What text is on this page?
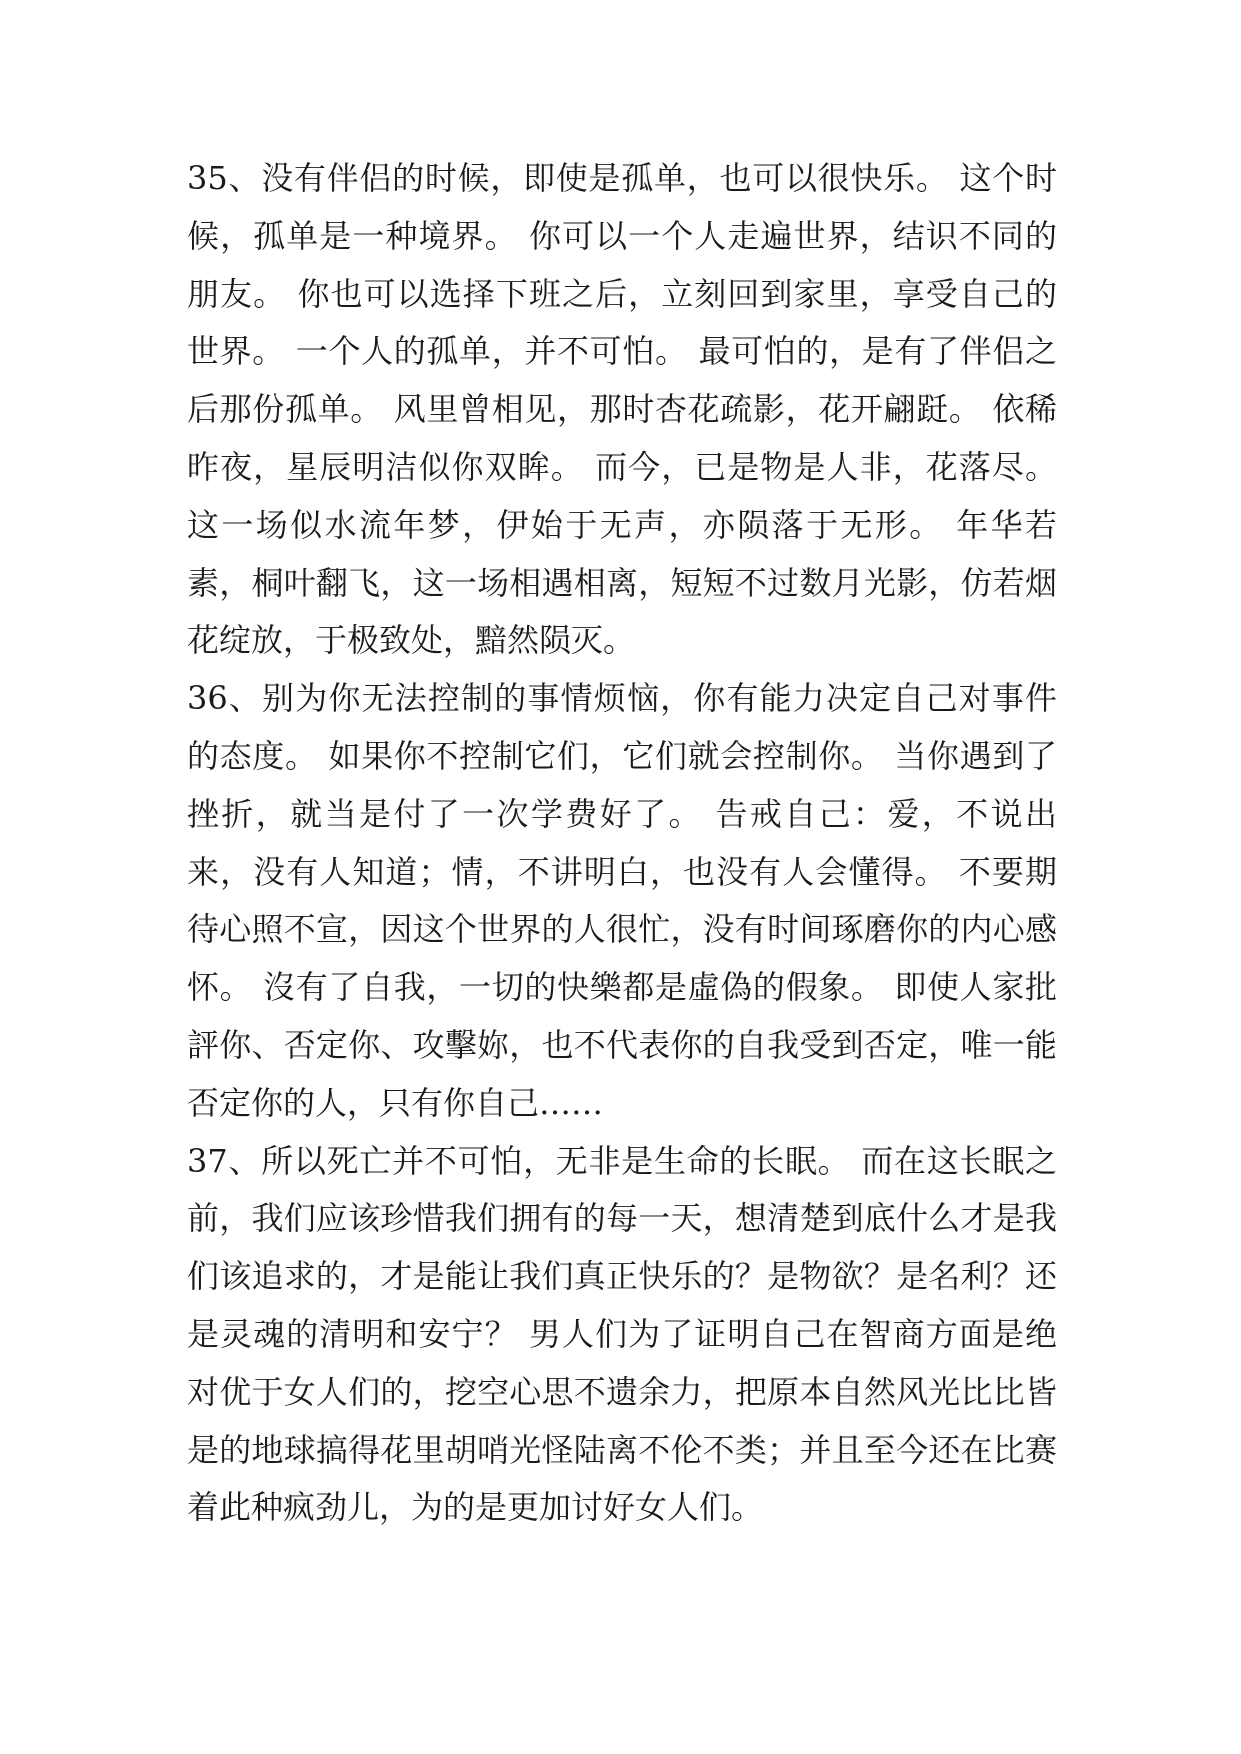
35、没有伴侣的时候，即使是孤单，也可以很快乐。 这个时候，孤单是一种境界。 你可以一个人走遍世界，结识不同的朋友。 你也可以选择下班之后，立刻回到家里，享受自己的世界。 一个人的孤单，并不可怕。 最可怕的，是有了伴侣之后那份孤单。 风里曾相见，那时杏花疏影，花开翩跹。 依稀昨夜，星辰明洁似你双眸。 而今，已是物是人非，花落尽。 这一场似水流年梦，伊始于无声，亦陨落于无形。 年华若素，桐叶翻飞，这一场相遇相离，短短不过数月光影，仿若烟花绽放，于极致处，黯然陨灭。

36、别为你无法控制的事情烦恼，你有能力决定自己对事件的态度。 如果你不控制它们，它们就会控制你。 当你遇到了挫折，就当是付了一次学费好了。 告戒自己：爱，不说出来，没有人知道；情，不讲明白，也没有人会懂得。 不要期待心照不宣，因这个世界的人很忙，没有时间琢磨你的内心感怀。 沒有了自我，一切的快樂都是虛偽的假象。 即使人家批評你、否定你、攻擊妳，也不代表你的自我受到否定，唯一能否定你的人，只有你自己……

37、所以死亡并不可怕，无非是生命的长眠。 而在这长眠之前，我们应该珍惜我们拥有的每一天，想清楚到底什么才是我们该追求的，才是能让我们真正快乐的？是物欲？是名利？还是灵魂的清明和安宁？ 男人们为了证明自己在智商方面是绝对优于女人们的，挖空心思不遗余力，把原本自然风光比比皆是的地球搞得花里胡哨光怪陆离不伦不类；并且至今还在比赛着此种疯劲儿，为的是更加讨好女人们。
